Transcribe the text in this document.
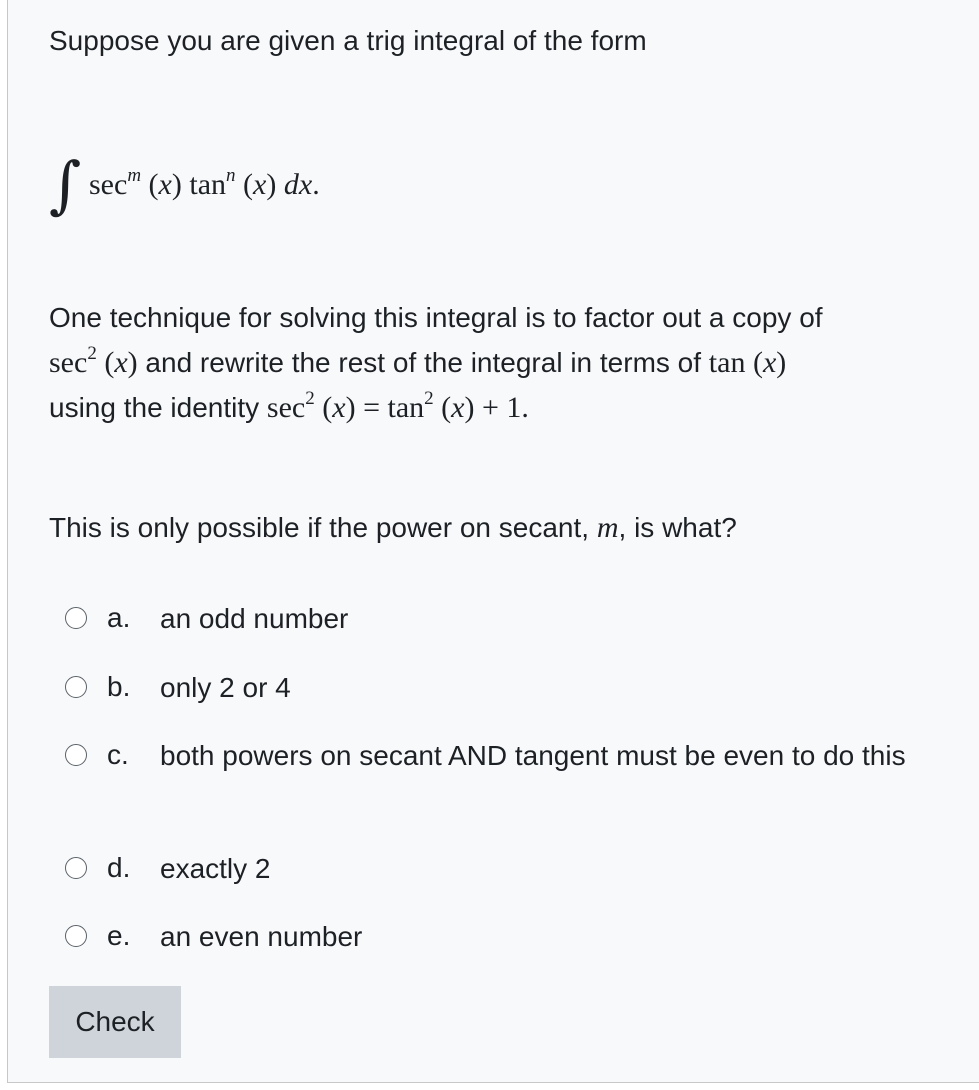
Suppose you are given a trig integral of the form
∫ $\sec^m (x)$ $\tan^n (x)$ dx.
One technique for solving this integral is to factor out a copy of
$\sec^2 (x)$ and rewrite the rest of the integral in terms of tan (x)
using the identity $\sec^2 (x) = \tan^2 (x) + 1$.
This is only possible if the power on secant, m, is what?
a. an odd number
b. only 2 or 4
c. both powers on secant AND tangent must be even to do this
d. exactly 2
e. an even number
Check
